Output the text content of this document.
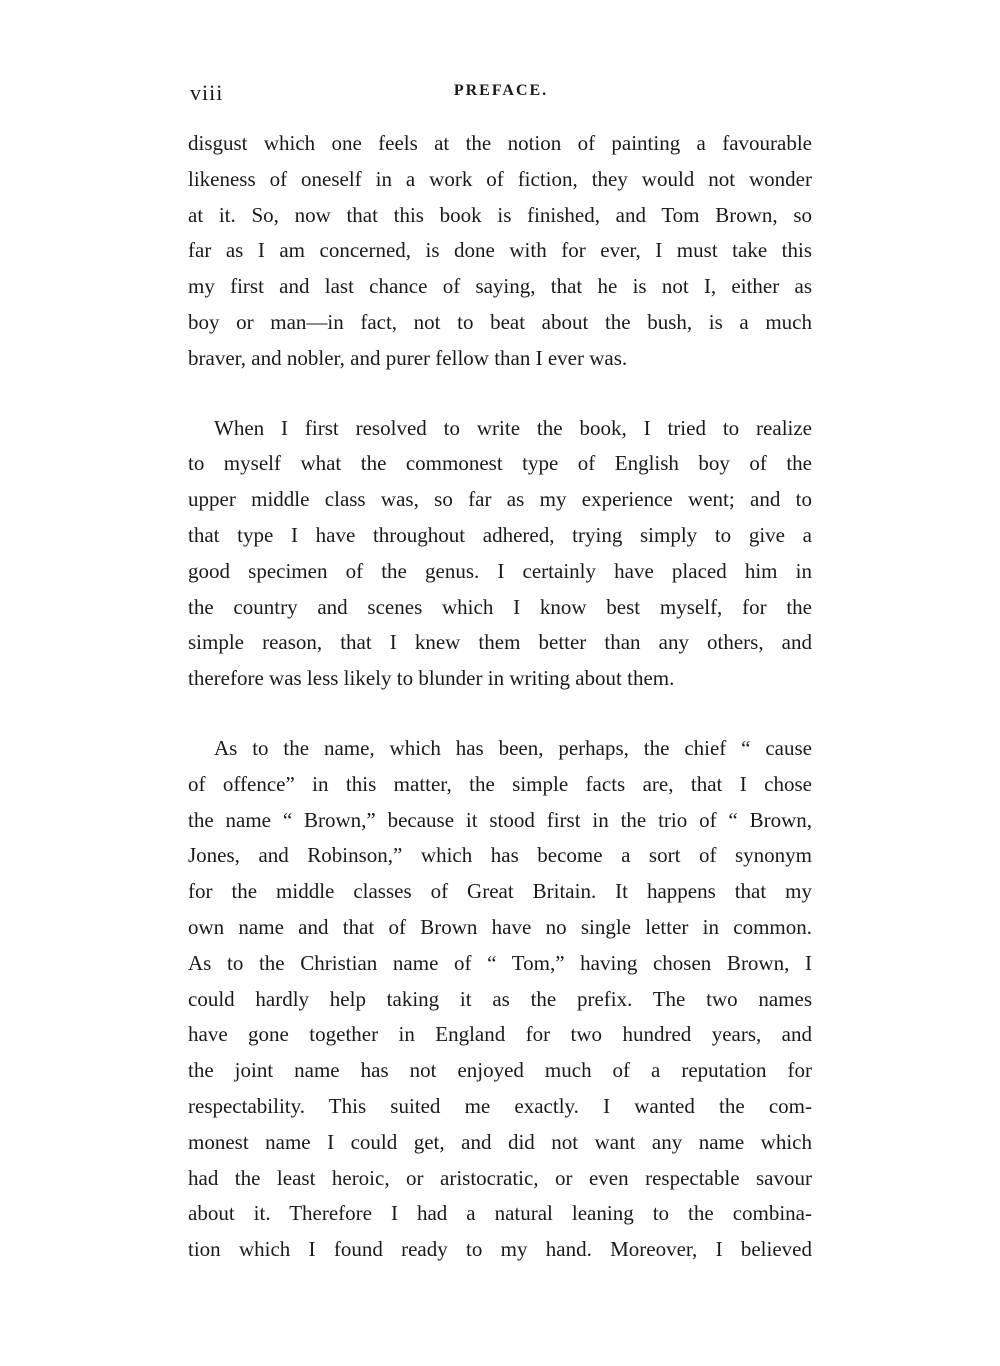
viii	PREFACE.
disgust which one feels at the notion of painting a favourable
likeness of oneself in a work of fiction, they would not wonder
at it. So, now that this book is finished, and Tom Brown, so
far as I am concerned, is done with for ever, I must take this
my first and last chance of saying, that he is not I, either as
boy or man—in fact, not to beat about the bush, is a much
braver, and nobler, and purer fellow than I ever was.
When I first resolved to write the book, I tried to realize
to myself what the commonest type of English boy of the
upper middle class was, so far as my experience went; and to
that type I have throughout adhered, trying simply to give a
good specimen of the genus. I certainly have placed him in
the country and scenes which I know best myself, for the
simple reason, that I knew them better than any others, and
therefore was less likely to blunder in writing about them.
As to the name, which has been, perhaps, the chief “ cause
of offence” in this matter, the simple facts are, that I chose
the name “ Brown,” because it stood first in the trio of “ Brown,
Jones, and Robinson,” which has become a sort of synonym
for the middle classes of Great Britain. It happens that my
own name and that of Brown have no single letter in common.
As to the Christian name of “ Tom,” having chosen Brown, I
could hardly help taking it as the prefix. The two names
have gone together in England for two hundred years, and
the joint name has not enjoyed much of a reputation for
respectability. This suited me exactly. I wanted the com-
monest name I could get, and did not want any name which
had the least heroic, or aristocratic, or even respectable savour
about it. Therefore I had a natural leaning to the combina-
tion which I found ready to my hand. Moreover, I believed
